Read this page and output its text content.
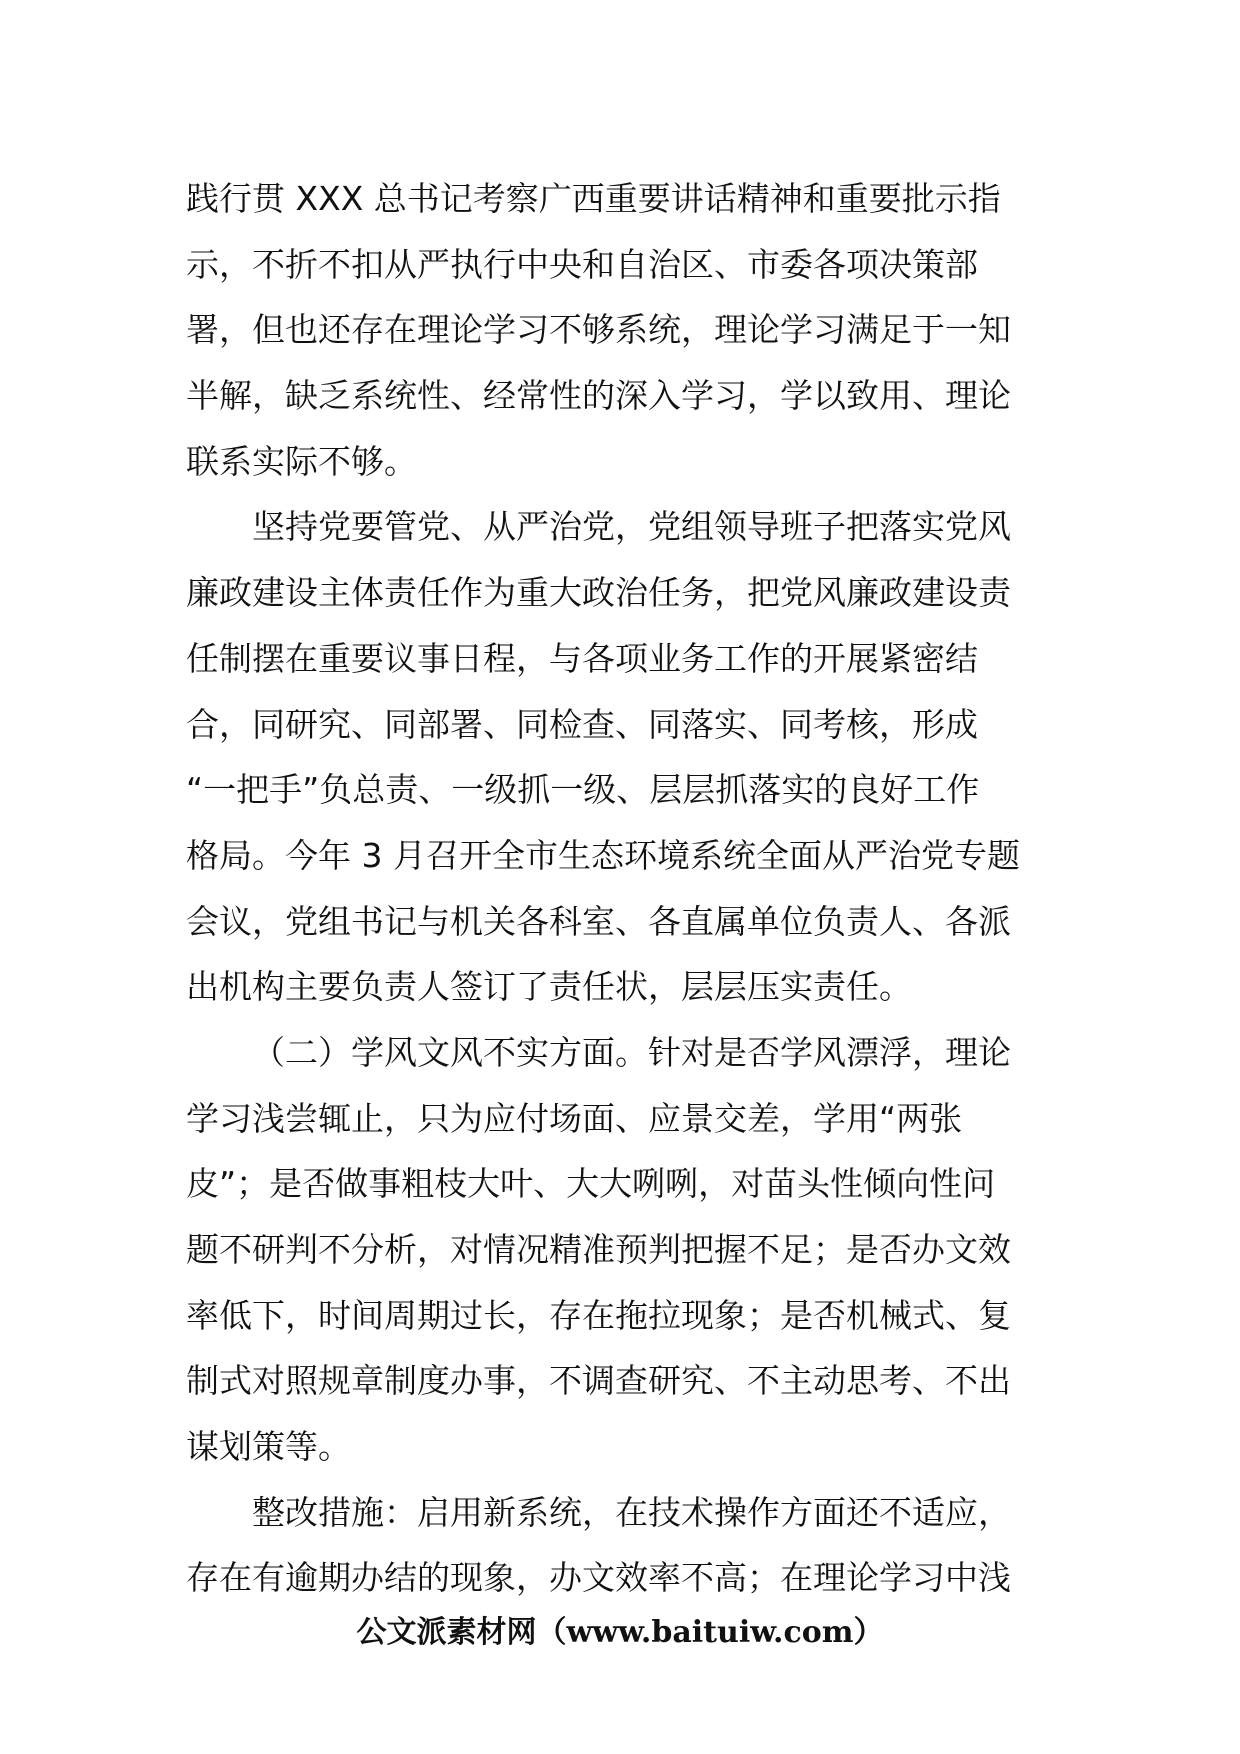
践行贯 XXX 总书记考察广西重要讲话精神和重要批示指
示，不折不扣从严执行中央和自治区、市委各项决策部
署，但也还存在理论学习不够系统，理论学习满足于一知
半解，缺乏系统性、经常性的深入学习，学以致用、理论
联系实际不够。
坚持党要管党、从严治党，党组领导班子把落实党风
廉政建设主体责任作为重大政治任务，把党风廉政建设责
任制摆在重要议事日程，与各项业务工作的开展紧密结
合，同研究、同部署、同检查、同落实、同考核，形成
“一把手”负总责、一级抓一级、层层抓落实的良好工作
格局。今年 3 月召开全市生态环境系统全面从严治党专题
会议，党组书记与机关各科室、各直属单位负责人、各派
出机构主要负责人签订了责任状，层层压实责任。
（二）学风文风不实方面。针对是否学风漂浮，理论
学习浅尝辄止，只为应付场面、应景交差，学用“两张
皮”；是否做事粗枝大叶、大大咧咧，对苗头性倾向性问
题不研判不分析，对情况精准预判把握不足；是否办文效
率低下，时间周期过长，存在拖拉现象；是否机械式、复
制式对照规章制度办事，不调查研究、不主动思考、不出
谋划策等。
整改措施：启用新系统，在技术操作方面还不适应，
存在有逾期办结的现象，办文效率不高；在理论学习中浅
公文派素材网（www.baituiw.com）
